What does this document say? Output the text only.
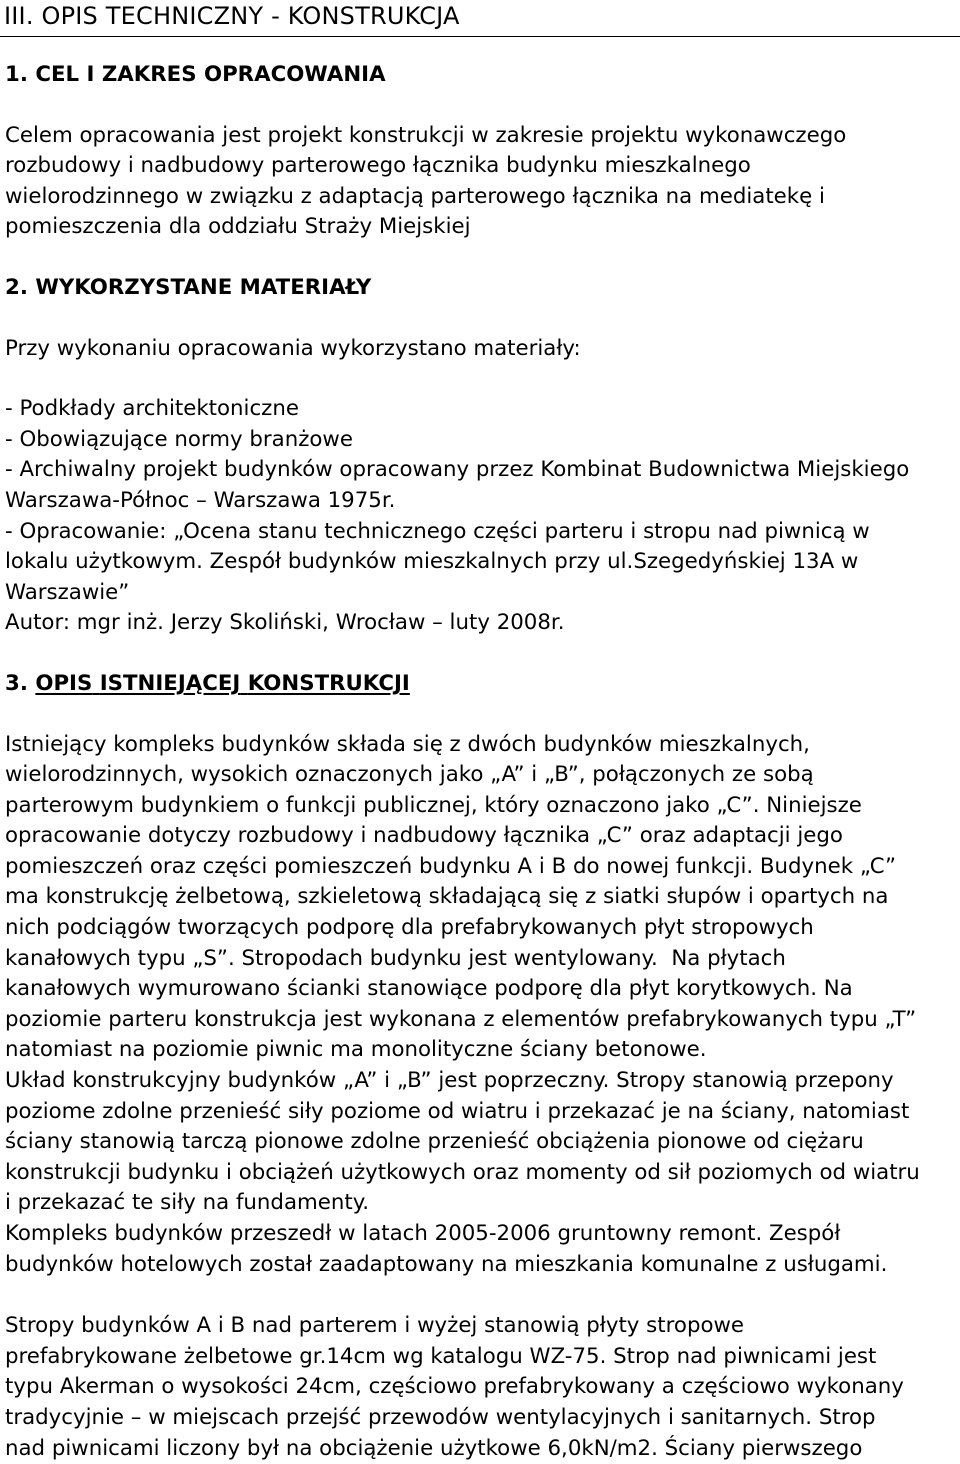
III. OPIS TECHNICZNY - KONSTRUKCJA

1. CEL I ZAKRES OPRACOWANIA

Celem opracowania jest projekt konstrukcji w zakresie projektu wykonawczego
rozbudowy i nadbudowy parterowego łącznika budynku mieszkalnego
wielorodzinnego w związku z adaptacją parterowego łącznika na mediatekę i
pomieszczenia dla oddziału Straży Miejskiej

2. WYKORZYSTANE MATERIAŁY

Przy wykonaniu opracowania wykorzystano materiały:

- Podkłady architektoniczne
- Obowiązujące normy branżowe
- Archiwalny projekt budynków opracowany przez Kombinat Budownictwa Miejskiego
Warszawa-Północ – Warszawa 1975r.
- Opracowanie: „Ocena stanu technicznego części parteru i stropu nad piwnicą w
lokalu użytkowym. Zespół budynków mieszkalnych przy ul.Szegedyńskiej 13A w
Warszawie”
Autor: mgr inż. Jerzy Skoliński, Wrocław – luty 2008r.

3. OPIS ISTNIEJĄCEJ KONSTRUKCJI

Istniejący kompleks budynków składa się z dwóch budynków mieszkalnych,
wielorodzinnych, wysokich oznaczonych jako „A” i „B”, połączonych ze sobą
parterowym budynkiem o funkcji publicznej, który oznaczono jako „C”. Niniejsze
opracowanie dotyczy rozbudowy i nadbudowy łącznika „C” oraz adaptacji jego
pomieszczeń oraz części pomieszczeń budynku A i B do nowej funkcji. Budynek „C”
ma konstrukcję żelbetową, szkieletową składającą się z siatki słupów i opartych na
nich podciągów tworzących podporę dla prefabrykowanych płyt stropowych
kanałowych typu „S”. Stropodach budynku jest wentylowany.  Na płytach
kanałowych wymurowano ścianki stanowiące podporę dla płyt korytkowych. Na
poziomie parteru konstrukcja jest wykonana z elementów prefabrykowanych typu „T”
natomiast na poziomie piwnic ma monolityczne ściany betonowe.
Układ konstrukcyjny budynków „A” i „B” jest poprzeczny. Stropy stanowią przepony
poziome zdolne przenieść siły poziome od wiatru i przekazać je na ściany, natomiast
ściany stanowią tarczą pionowe zdolne przenieść obciążenia pionowe od ciężaru
konstrukcji budynku i obciążeń użytkowych oraz momenty od sił poziomych od wiatru
i przekazać te siły na fundamenty.
Kompleks budynków przeszedł w latach 2005-2006 gruntowny remont. Zespół
budynków hotelowych został zaadaptowany na mieszkania komunalne z usługami.
Stropy budynków A i B nad parterem i wyżej stanowią płyty stropowe
prefabrykowane żelbetowe gr.14cm wg katalogu WZ-75. Strop nad piwnicami jest
typu Akerman o wysokości 24cm, częściowo prefabrykowany a częściowo wykonany
tradycyjnie – w miejscach przejść przewodów wentylacyjnych i sanitarnych. Strop
nad piwnicami liczony był na obciążenie użytkowe 6,0kN/m2. Ściany pierwszego
